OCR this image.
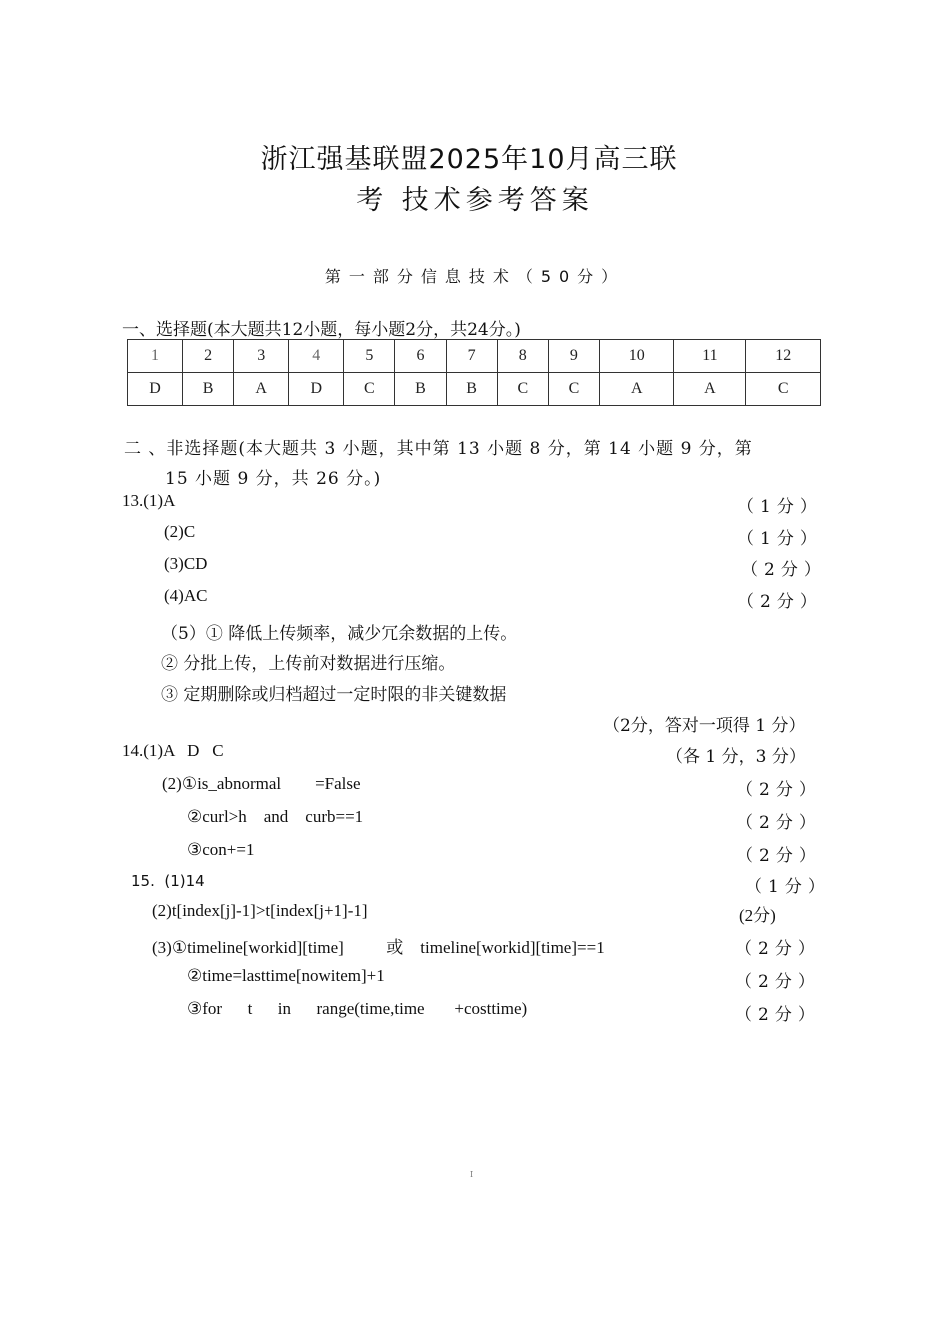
浙江强基联盟2025年10月高三联
考 技术参考答案
第一部分信息技术（50分）
一、选择题(本大题共12小题，每小题2分，共24分。)
1	2	3	4	5	6	7	8	9	10	11	12
D	B	A	D	C	B	B	C	C	A	A	C
二 、非选择题(本大题共 3 小题，其中第 13 小题 8 分，第 14 小题 9 分，第
15 小题 9 分，共 26 分。)
13.(1)A	（1分）
(2)C	（1分）
(3)CD	（2分）
(4)AC	（2分）
（5）① 降低上传频率，减少冗余数据的上传。
② 分批上传，上传前对数据进行压缩。
③ 定期删除或归档超过一定时限的非关键数据
（2分，答对一项得 1 分）
14.(1)A   D   C	（各 1 分，3 分）
(2)①is_abnormal        =False	（2分）
②curl>h    and    curb==1	（2分）
③con+=1	（2分）
15.  (1)14	（1分）
(2)t[index[j]-1]>t[index[j+1]-1]	(2分)
(3)①timeline[workid][time]          或    timeline[workid][time]==1	（2分）
②time=lasttime[nowitem]+1	（2分）
③for      t      in      range(time,time       +costtime)	（2分）
I
